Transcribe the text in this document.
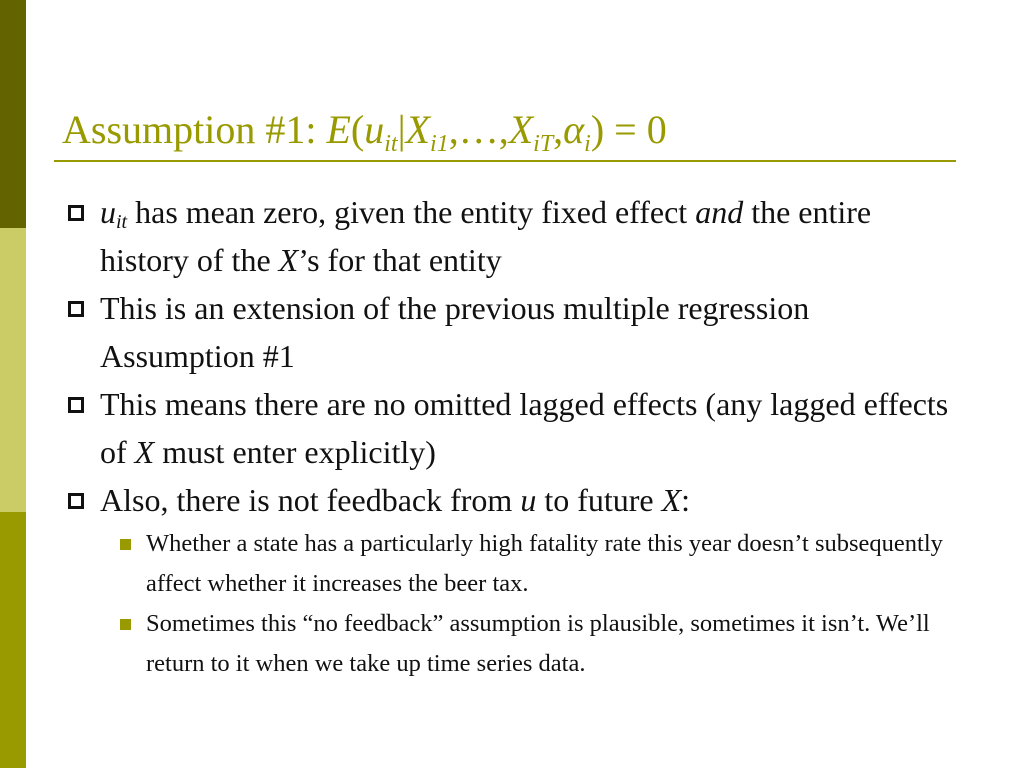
Assumption #1: $E(u_{it}|X_{i1},\dots,X_{iT},\alpha_i) = 0$
$u_{it}$ has mean zero, given the entity fixed effect and the entire history of the X’s for that entity
This is an extension of the previous multiple regression Assumption #1
This means there are no omitted lagged effects (any lagged effects of X must enter explicitly)
Also, there is not feedback from u to future X:
Whether a state has a particularly high fatality rate this year doesn’t subsequently affect whether it increases the beer tax.
Sometimes this “no feedback” assumption is plausible, sometimes it isn’t. We’ll return to it when we take up time series data.
